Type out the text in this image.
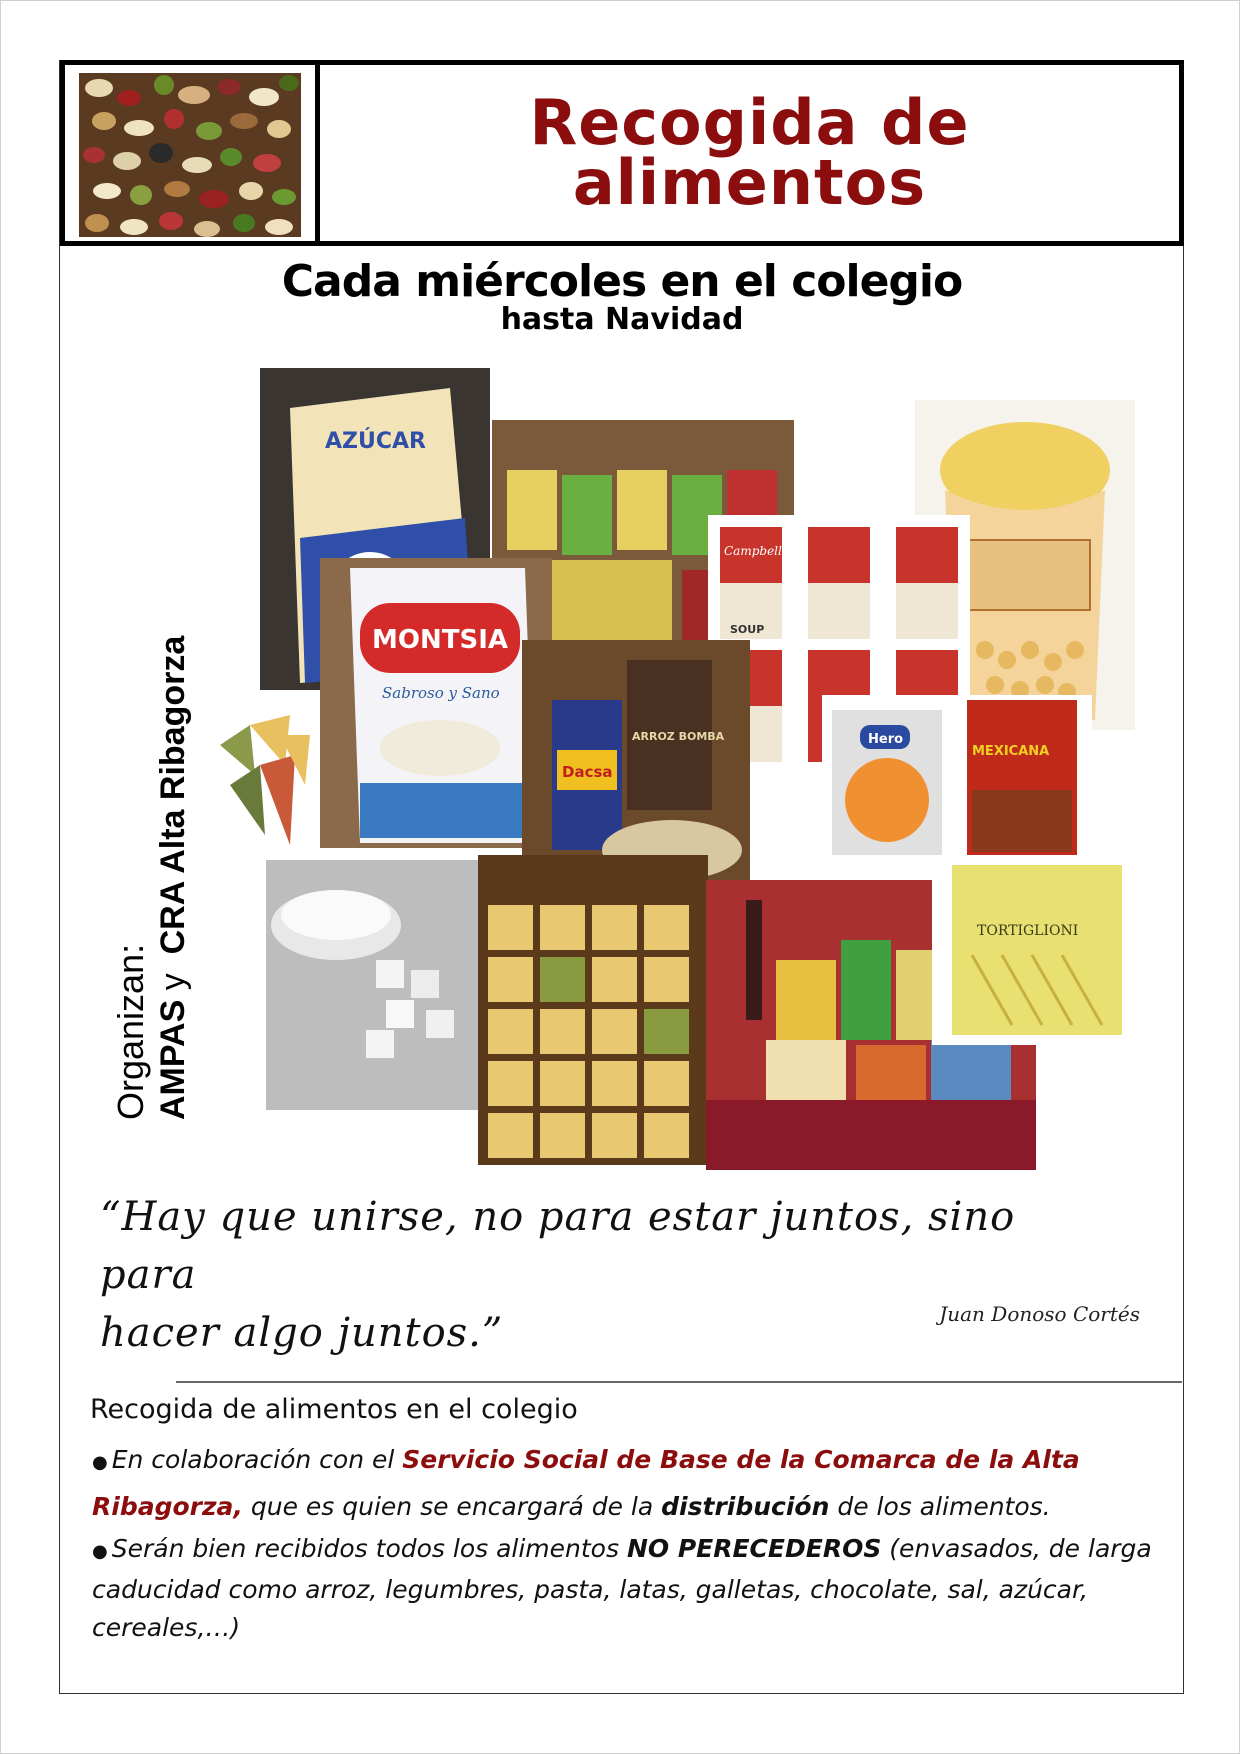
Recogida de
alimentos
Cada miércoles en el colegio
hasta Navidad
Organizan: AMPAS y  CRA Alta Ribagorza
AZÚCAR
Campbell's
SOUP
MONTSIA
Sabroso y Sano
Dacsa
ARROZ BOMBA	Hero
MEXICANA
TORTIGLIONI
“Hay que unirse, no para estar juntos, sino para
hacer algo juntos.”	Juan Donoso Cortés
Recogida de alimentos en el colegio
● En colaboración con el Servicio Social de Base de la Comarca de la Alta Ribagorza, que es quien se encargará de la distribución de los alimentos.
● Serán bien recibidos todos los alimentos NO PERECEDEROS (envasados, de larga caducidad como arroz, legumbres, pasta, latas, galletas, chocolate, sal, azúcar, cereales,…)
